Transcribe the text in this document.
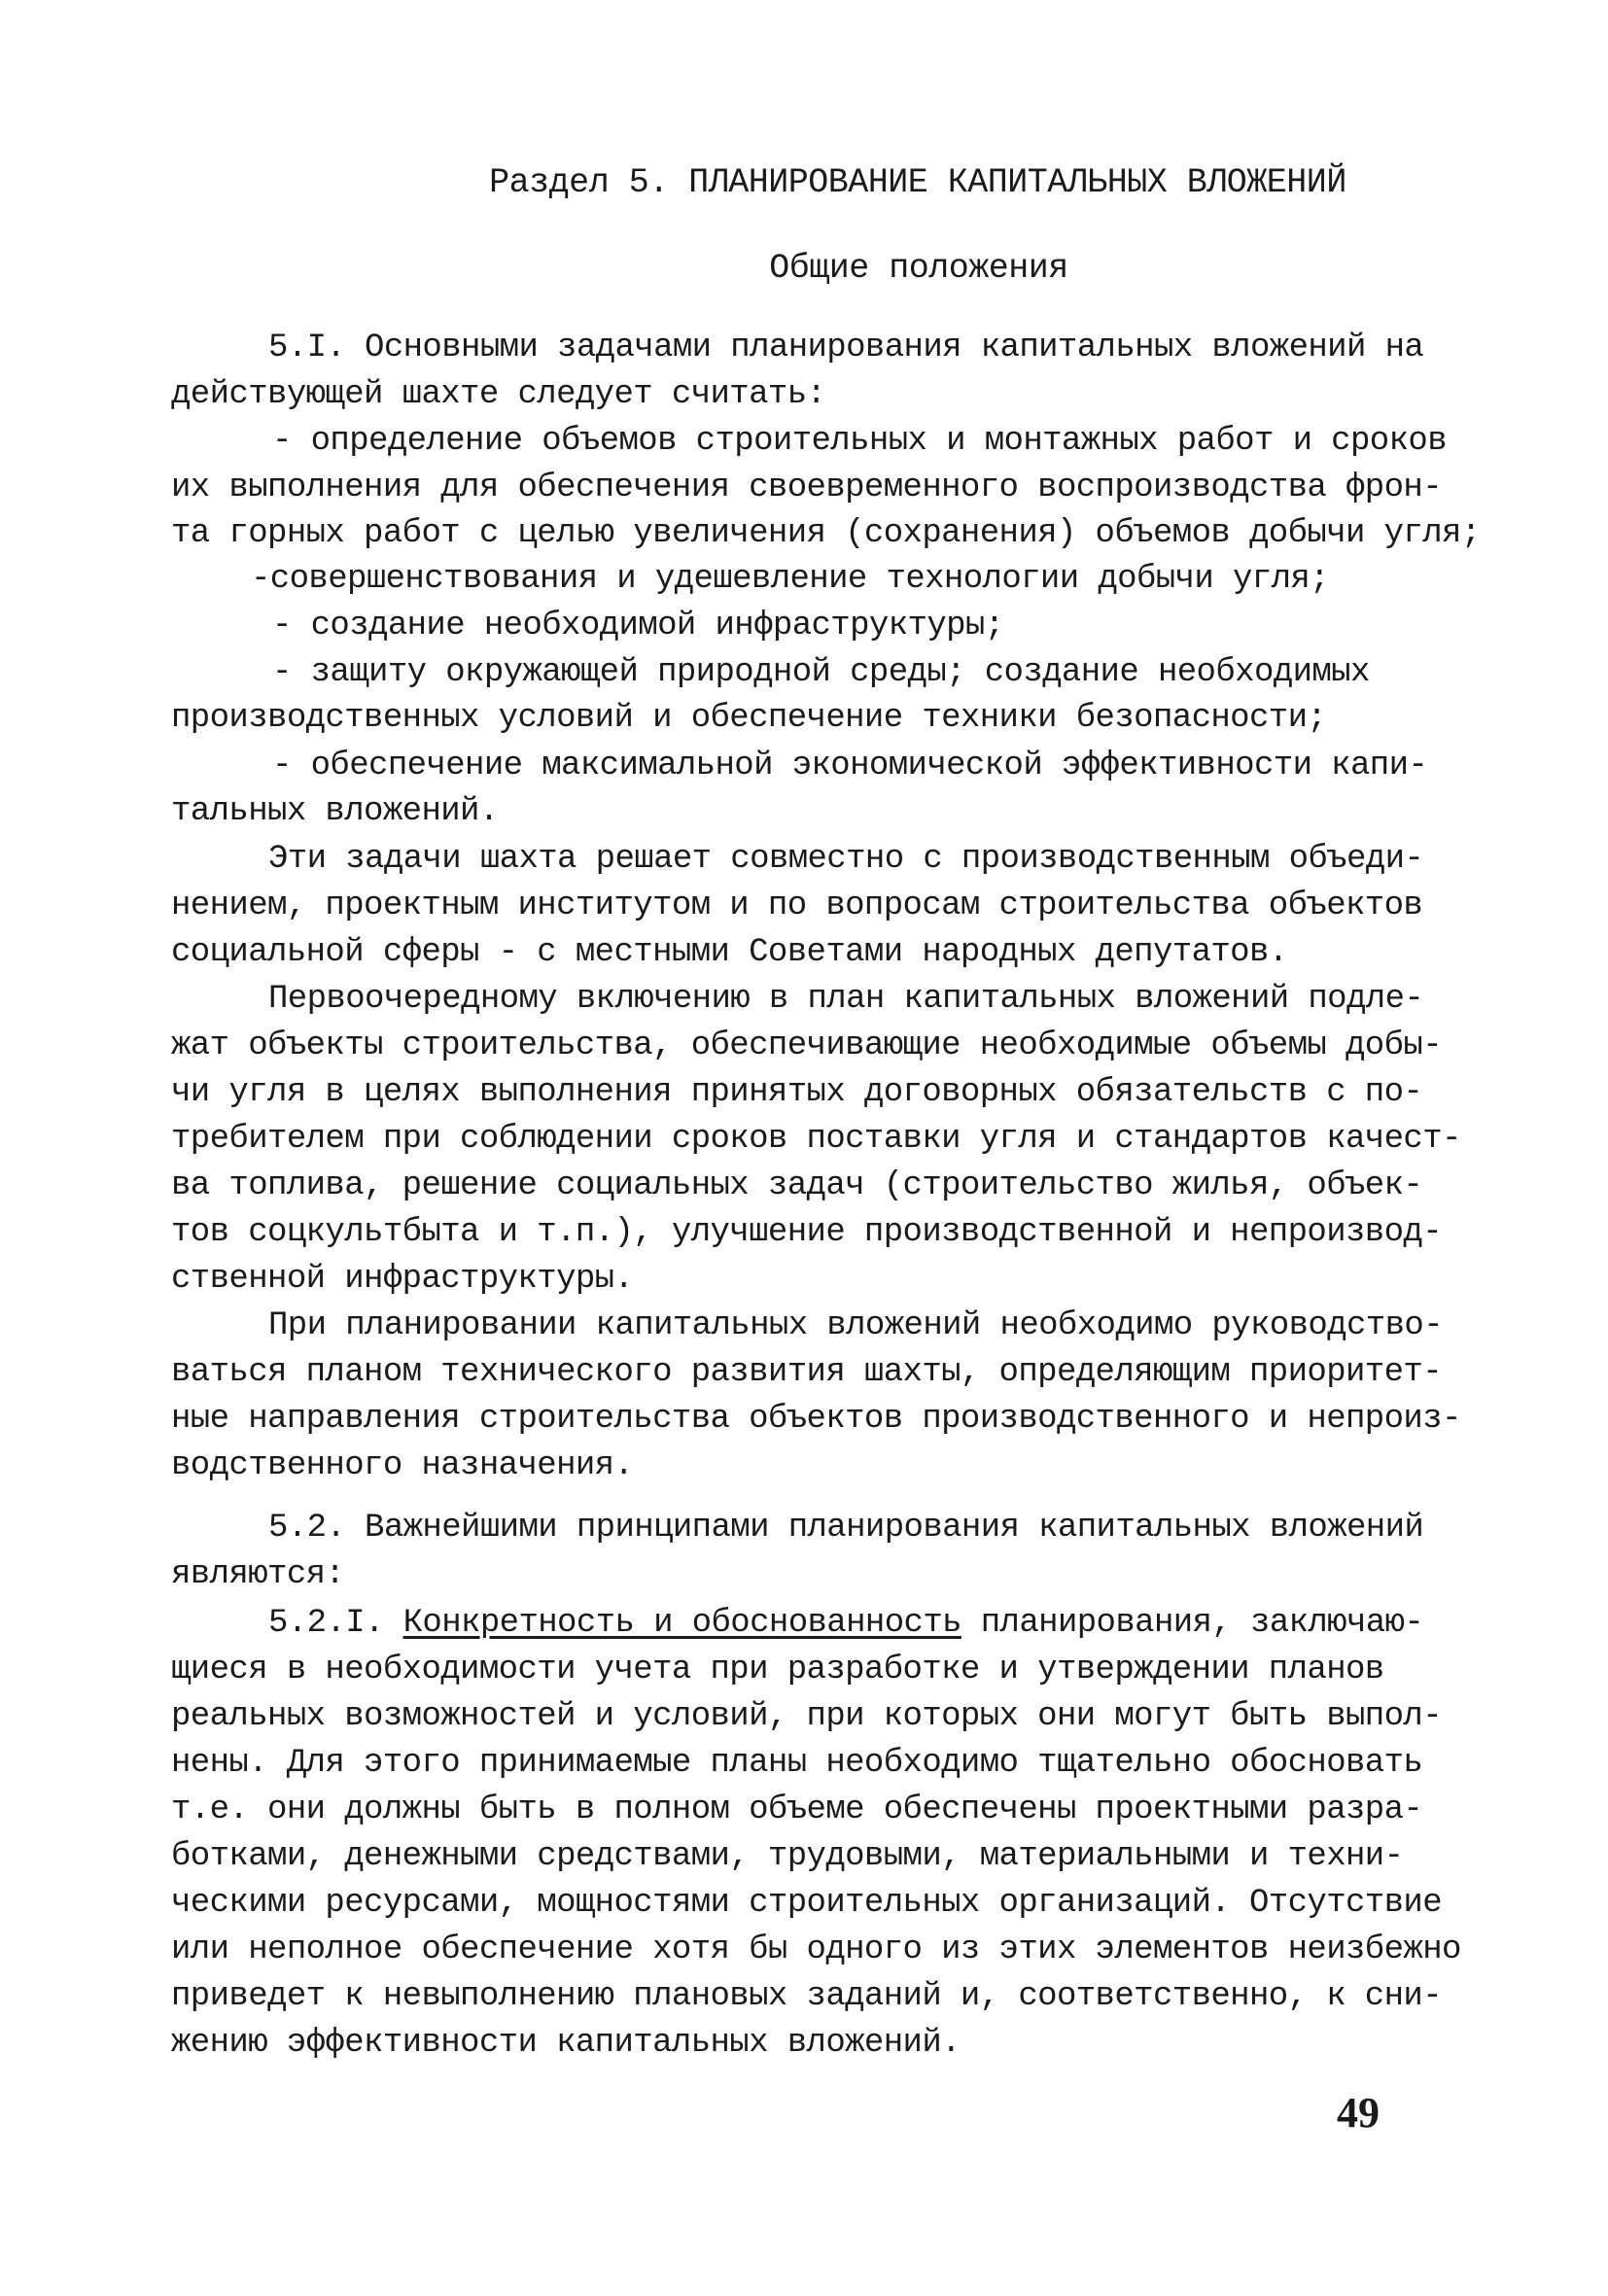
Раздел 5. ПЛАНИРОВАНИЕ КАПИТАЛЬНЫХ ВЛОЖЕНИЙ
Общие положения
5.I. Основными задачами планирования капитальных вложений на
действующей шахте следует считать:
- определение объемов строительных и монтажных работ и сроков
их выполнения для обеспечения своевременного воспроизводства фрон-
та горных работ с целью увеличения (сохранения) объемов добычи угля;
-совершенствования и удешевление технологии добычи угля;
- создание необходимой инфраструктуры;
- защиту окружающей природной среды; создание необходимых
производственных условий и обеспечение техники безопасности;
- обеспечение максимальной экономической эффективности капи-
тальных вложений.
Эти задачи шахта решает совместно с производственным объеди-
нением, проектным институтом и по вопросам строительства объектов
социальной сферы - с местными Советами народных депутатов.
Первоочередному включению в план капитальных вложений подле-
жат объекты строительства, обеспечивающие необходимые объемы добы-
чи угля в целях выполнения принятых договорных обязательств с по-
требителем при соблюдении сроков поставки угля и стандартов качест-
ва топлива, решение социальных задач (строительство жилья, объек-
тов соцкультбыта и т.п.), улучшение производственной и непроизвод-
ственной инфраструктуры.
При планировании капитальных вложений необходимо руководство-
ваться планом технического развития шахты, определяющим приоритет-
ные направления строительства объектов производственного и непроиз-
водственного назначения.
5.2. Важнейшими принципами планирования капитальных вложений
являются:
5.2.I. Конкретность и обоснованность планирования, заключаю-
щиеся в необходимости учета при разработке и утверждении планов
реальных возможностей и условий, при которых они могут быть выпол-
нены. Для этого принимаемые планы необходимо тщательно обосновать
т.е. они должны быть в полном объеме обеспечены проектными разра-
ботками, денежными средствами, трудовыми, материальными и техни-
ческими ресурсами, мощностями строительных организаций. Отсутствие
или неполное обеспечение хотя бы одного из этих элементов неизбежно
приведет к невыполнению плановых заданий и, соответственно, к сни-
жению эффективности капитальных вложений.
49
